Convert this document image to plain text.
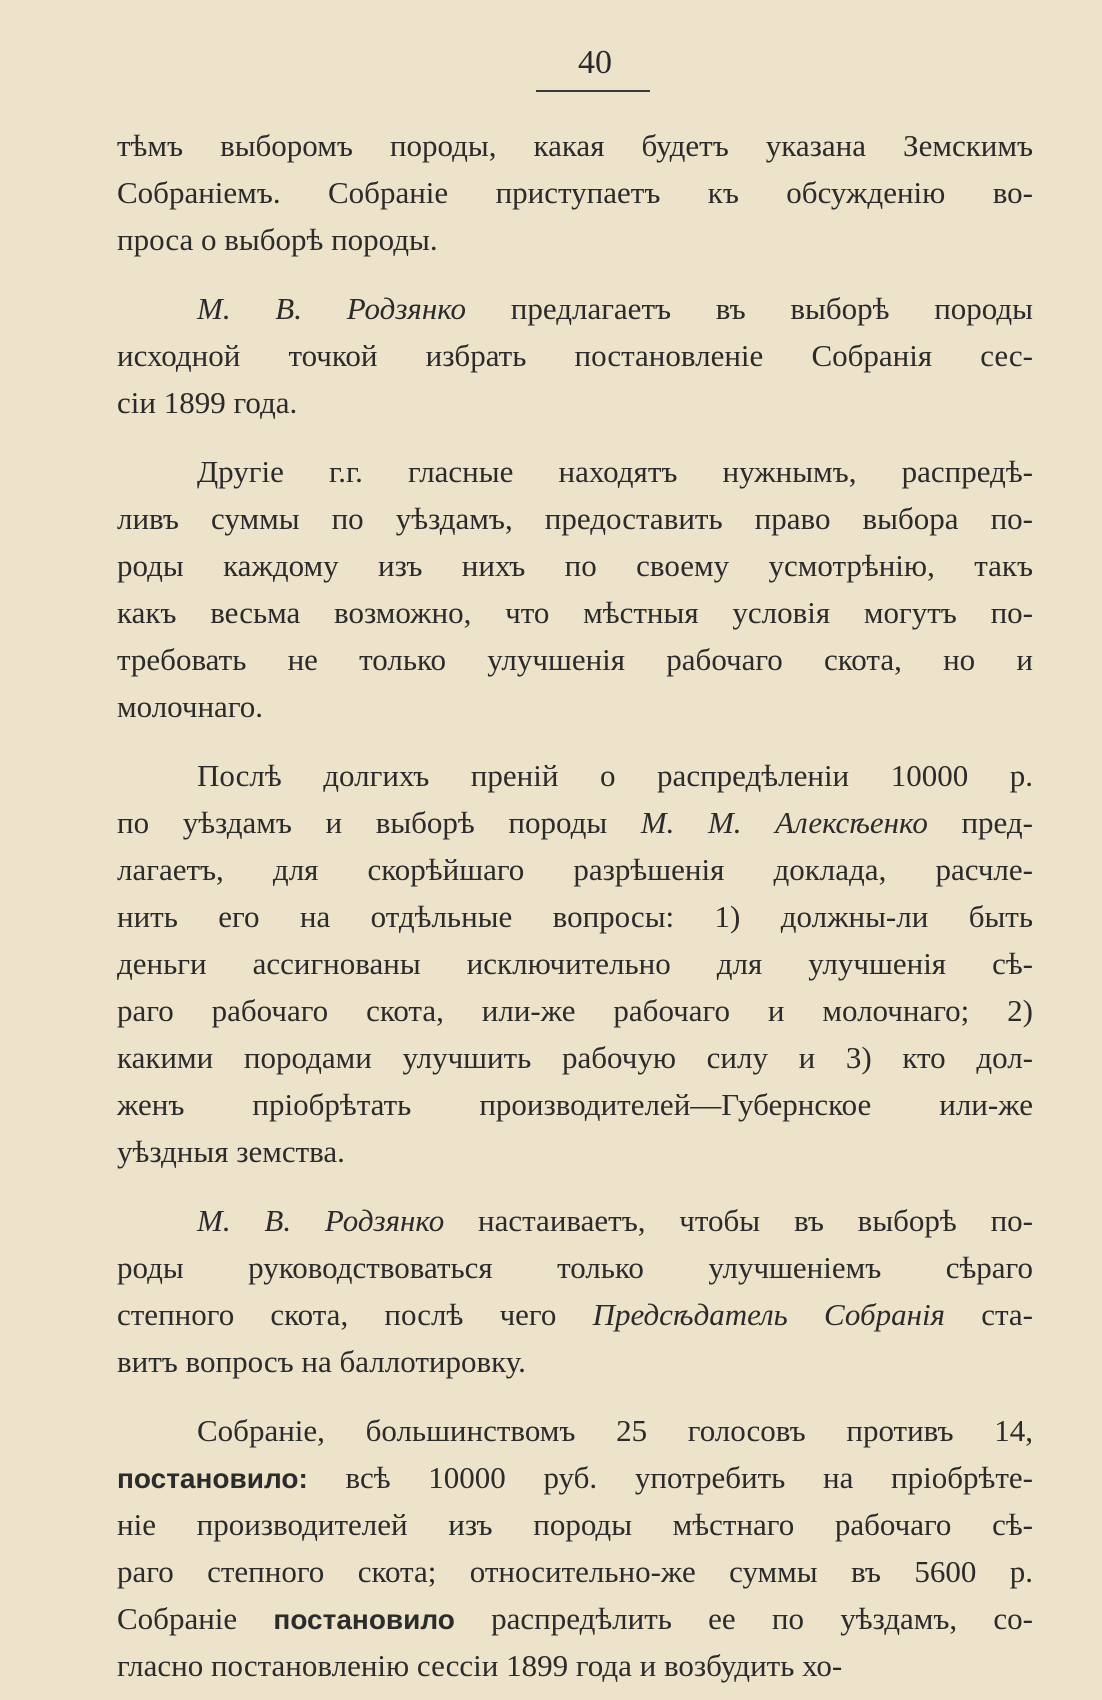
40
тѣмъ выборомъ породы, какая будетъ указана Земскимъ
Собраніемъ. Собраніе приступаетъ къ обсужденію во-
проса о выборѣ породы.
М. В. Родзянко предлагаетъ въ выборѣ породы
исходной точкой избрать постановленіе Собранія сес-
сіи 1899 года.
Другіе г.г. гласные находятъ нужнымъ, распредѣ-
ливъ суммы по уѣздамъ, предоставить право выбора по-
роды каждому изъ нихъ по своему усмотрѣнію, такъ
какъ весьма возможно, что мѣстныя условія могутъ по-
требовать не только улучшенія рабочаго скота, но и
молочнаго.
Послѣ долгихъ преній о распредѣленіи 10000 р.
по уѣздамъ и выборѣ породы М. М. Алексѣенко пред-
лагаетъ, для скорѣйшаго разрѣшенія доклада, расчле-
нить его на отдѣльные вопросы: 1) должны-ли быть
деньги ассигнованы исключительно для улучшенія сѣ-
раго рабочаго скота, или-же рабочаго и молочнаго; 2)
какими породами улучшить рабочую силу и 3) кто дол-
женъ пріобрѣтать производителей—Губернское или-же
уѣздныя земства.
М. В. Родзянко настаиваетъ, чтобы въ выборѣ по-
роды руководствоваться только улучшеніемъ сѣраго
степного скота, послѣ чего Предсѣдатель Собранія ста-
витъ вопросъ на баллотировку.
Собраніе, большинствомъ 25 голосовъ противъ 14,
постановило: всѣ 10000 руб. употребить на пріобрѣте-
ніе производителей изъ породы мѣстнаго рабочаго сѣ-
раго степного скота; относительно-же суммы въ 5600 р.
Собраніе постановило распредѣлить ее по уѣздамъ, со-
гласно постановленію сессіи 1899 года и возбудить хо-
